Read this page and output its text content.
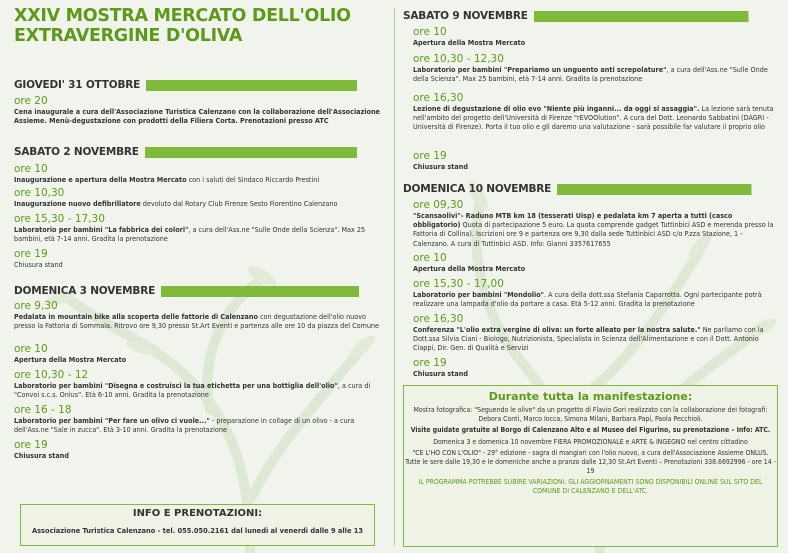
XXIV MOSTRA MERCATO DELL'OLIO
EXTRAVERGINE D'OLIVA
GIOVEDI' 31 OTTOBRE
ore 20
Cena inaugurale a cura dell'Associazione Turistica Calenzano con la collaborazione dell'Associazione Assieme. Menù-degustazione con prodotti della Filiera Corta. Prenotazioni presso ATC
SABATO 2 NOVEMBRE
ore 10
Inaugurazione e apertura della Mostra Mercato con i saluti del Sindaco Riccardo Prestini
ore 10,30
Inaugurazione nuovo defibrillatore devoluto dal Rotary Club Firenze Sesto Fiorentino Calenzano
ore 15,30 - 17,30
Laboratorio per bambini "La fabbrica dei colori", a cura dell'Ass.ne "Sulle Onde della Scienza". Max 25 bambini, età 7-14 anni. Gradita la prenotazione
ore 19
Chiusura stand
DOMENICA 3 NOVEMBRE
ore 9,30
Pedalata in mountain bike alla scoperta delle fattorie di Calenzano con degustazione dell'olio nuovo presso la Fattoria di Sommaia. Ritrovo ore 9,30 presso St.Art Eventi e partenza alle ore 10 da piazza del Comune
ore 10
Apertura della Mostra Mercato
ore 10,30 - 12
Laboratorio per bambini "Disegna e costruisci la tua etichetta per una bottiglia dell'olio", a cura di "Convoi s.c.s. Onlus". Età 6-10 anni. Gradita la prenotazione
ore 16 - 18
Laboratorio per bambini "Per fare un olivo ci vuole..." - preparazione in collage di un olivo - a cura dell'Ass.ne "Sale in zucca". Età 3-10 anni. Gradita la prenotazione
ore 19
Chiusura stand
INFO E PRENOTAZIONI:
Associazione Turistica Calenzano - tel. 055.050.2161 dal lunedì al venerdì dalle 9 alle 13
SABATO 9 NOVEMBRE
ore 10
Apertura della Mostra Mercato
ore 10,30 - 12,30
Laboratorio per bambini "Prepariamo un unguento anti screpolature", a cura dell'Ass.ne "Sulle Onde della Scienza". Max 25 bambini, età 7-14 anni. Gradita la prenotazione
ore 16,30
Lezione di degustazione di olio evo "Niente più inganni... da oggi si assaggia". La lezione sarà tenuta nell'ambito del progetto dell'Università di Firenze "rEVOOlution". A cura del Dott. Leonardo Sabbatini (DAGRI - Università di Firenze). Porta il tuo olio e gli daremo una valutazione - sarà possibile far valutare il proprio olio
ore 19
Chiusura stand
DOMENICA 10 NOVEMBRE
ore 09,30
"Scansaolivi"- Raduno MTB km 18 (tesserati Uisp) e pedalata km 7 aperta a tutti (casco obbligatorio) Quota di partecipazione 5 euro. La quota comprende gadget Tuttinbici ASD e merenda presso la Fattoria di Collina). Iscrizioni ore 9 e partenza ore 9,30 dalla sede Tuttinbici ASD c/o P.zza Stazione, 1 - Calenzano. A cura di Tuttinbici ASD. Info: Gianni 3357617655
ore 10
Apertura della Mostra Mercato
ore 15,30 - 17,00
Laboratorio per bambini "Mondolio". A cura della dott.ssa Stefania Caparrotta. Ogni partecipante potrà realizzare una lampada d'olio da portare a casa. Età 5-12 anni. Gradita la prenotazione
ore 16,30
Conferenza "L'olio extra vergine di oliva: un forte alleato per la nostra salute." Ne parliamo con la Dott.ssa Silvia Ciani - Biologo, Nutrizionista, Specialista in Scienza dell'Alimentazione e con il Dott. Antonio Ciappi, Dir. Gen. di Qualità e Servizi
ore 19
Chiusura stand
Durante tutta la manifestazione:
Mostra fotografica: "Seguendo le olive" da un progetto di Flavio Gori realizzato con la collaborazione dei fotografi: Debora Conti, Marco Iocca, Simona Milani, Barbara Papi, Paola Pecchioli.
Visite guidate gratuite al Borgo di Calenzano Alto e al Museo del Figurino, su prenotazione – Info: ATC.
Domenica 3 e domenica 10 novembre FIERA PROMOZIONALE e ARTE & INGEGNO nel centro cittadino
"CE L'HO CON L'OLIO" - 29° edizione - sagra di mangiari con l'olio nuovo, a cura dell'Associazione Assieme ONLUS. Tutte le sere dalle 19,30 e le domeniche anche a pranzo dalle 12,30 St.Art Eventi – Prenotazioni 338.6692996 - ore 14 - 19
IL PROGRAMMA POTREBBE SUBIRE VARIAZIONI. GLI AGGIORNAMENTI SONO DISPONIBILI ONLINE SUL SITO DEL COMUNE DI CALENZANO E DELL'ATC.
